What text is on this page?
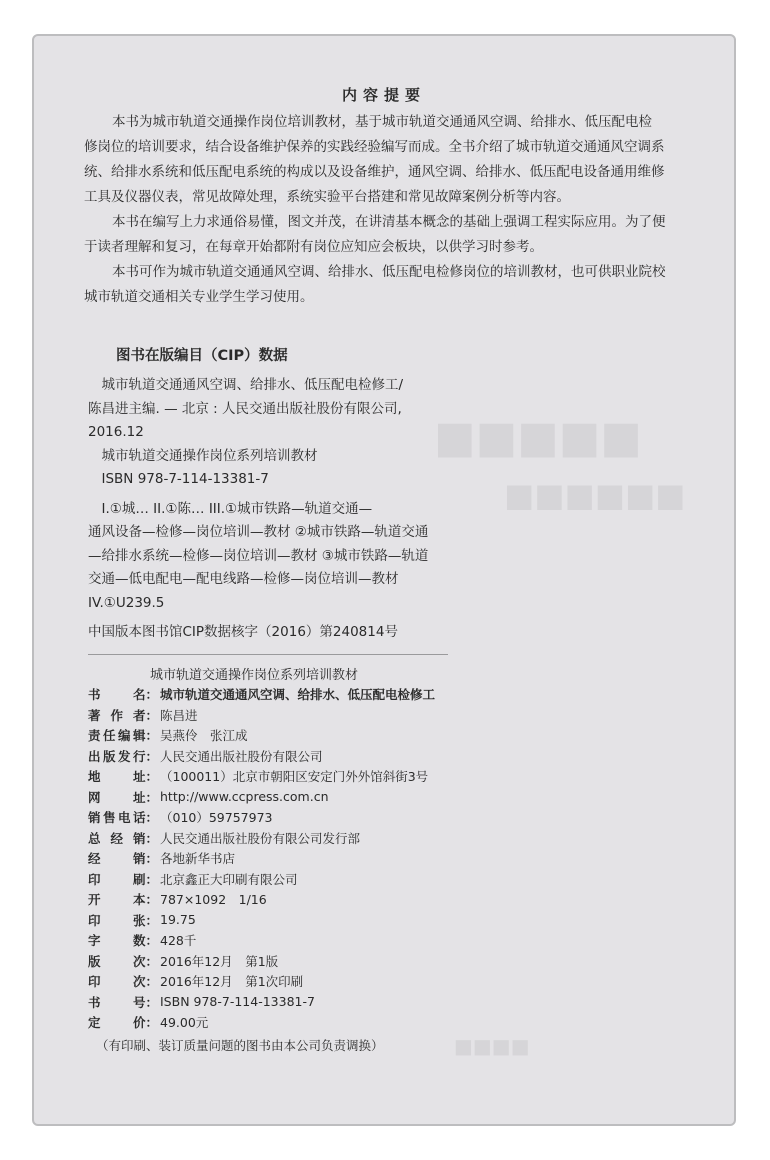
■■■■■
■■■■■■
■■■■
内容提要

本书为城市轨道交通操作岗位培训教材，基于城市轨道交通通风空调、给排水、低压配电检
修岗位的培训要求，结合设备维护保养的实践经验编写而成。全书介绍了城市轨道交通通风空调系
统、给排水系统和低压配电系统的构成以及设备维护，通风空调、给排水、低压配电设备通用维修
工具及仪器仪表，常见故障处理，系统实验平台搭建和常见故障案例分析等内容。

本书在编写上力求通俗易懂，图文并茂，在讲清基本概念的基础上强调工程实际应用。为了便
于读者理解和复习，在每章开始都附有岗位应知应会板块，以供学习时参考。

本书可作为城市轨道交通通风空调、给排水、低压配电检修岗位的培训教材，也可供职业院校
城市轨道交通相关专业学生学习使用。

图书在版编目（CIP）数据
　城市轨道交通通风空调、给排水、低压配电检修工/
陈昌进主编. — 北京 : 人民交通出版社股份有限公司,
2016.12
　城市轨道交通操作岗位系列培训教材
　ISBN 978-7-114-13381-7
　I.①城… II.①陈… III.①城市铁路—轨道交通—
通风设备—检修—岗位培训—教材 ②城市铁路—轨道交通
—给排水系统—检修—岗位培训—教材 ③城市铁路—轨道
交通—低电配电—配电线路—检修—岗位培训—教材
IV.①U239.5
中国版本图书馆CIP数据核字（2016）第240814号
城市轨道交通操作岗位系列培训教材
书	名 ： 城市轨道交通通风空调、给排水、低压配电检修工
著 作 者 ： 陈昌进
责 任 编 辑 ： 吴燕伶　张江成
出 版 发 行 ： 人民交通出版社股份有限公司
地	址 ： （100011）北京市朝阳区安定门外外馆斜街3号
网	址 ： http://www.ccpress.com.cn
销 售 电 话 ： （010）59757973
总 经 销 ： 人民交通出版社股份有限公司发行部
经	销 ： 各地新华书店
印	刷 ： 北京鑫正大印刷有限公司
开	本 ： 787×1092　1/16
印	张 ： 19.75
字	数 ： 428千
版	次 ： 2016年12月　第1版
印	次 ： 2016年12月　第1次印刷
书	号 ： ISBN 978-7-114-13381-7
定	价 ： 49.00元
（有印刷、装订质量问题的图书由本公司负责调换）
